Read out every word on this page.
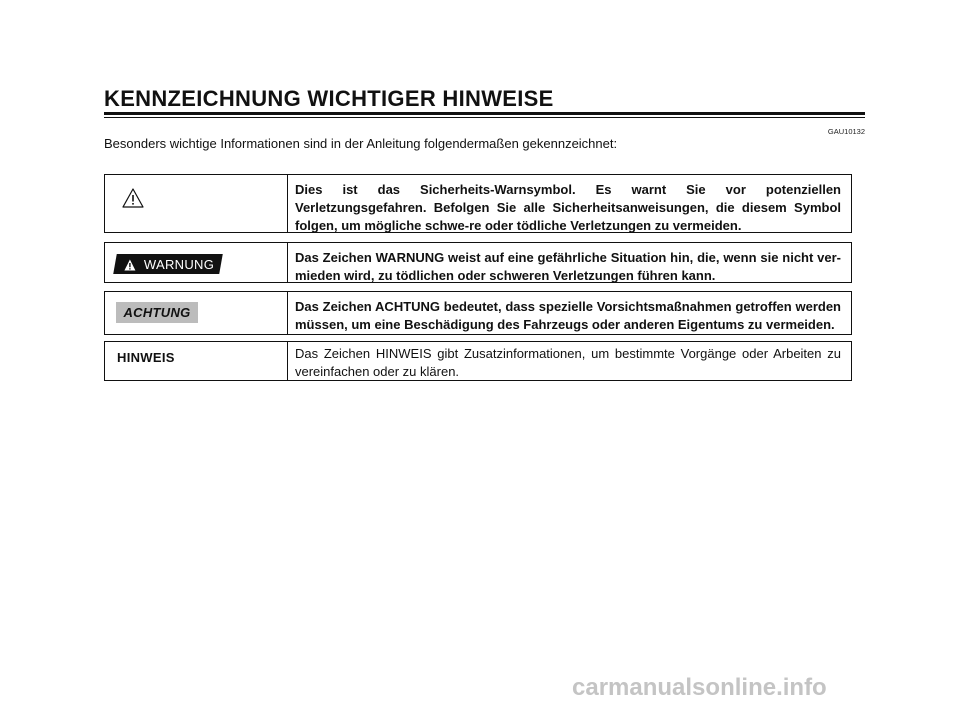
KENNZEICHNUNG WICHTIGER HINWEISE
GAU10132
Besonders wichtige Informationen sind in der Anleitung folgendermaßen gekennzeichnet:
Dies ist das Sicherheits-Warnsymbol. Es warnt Sie vor potenziellen Verletzungsgefahren. Befolgen Sie alle Sicherheitsanweisungen, die diesem Symbol folgen, um mögliche schwe-re oder tödliche Verletzungen zu vermeiden.
WARNUNG	Das Zeichen WARNUNG weist auf eine gefährliche Situation hin, die, wenn sie nicht ver-mieden wird, zu tödlichen oder schweren Verletzungen führen kann.
ACHTUNG	Das Zeichen ACHTUNG bedeutet, dass spezielle Vorsichtsmaßnahmen getroffen werden müssen, um eine Beschädigung des Fahrzeugs oder anderen Eigentums zu vermeiden.
HINWEIS	Das Zeichen HINWEIS gibt Zusatzinformationen, um bestimmte Vorgänge oder Arbeiten zu vereinfachen oder zu klären.
carmanualsonline.info
